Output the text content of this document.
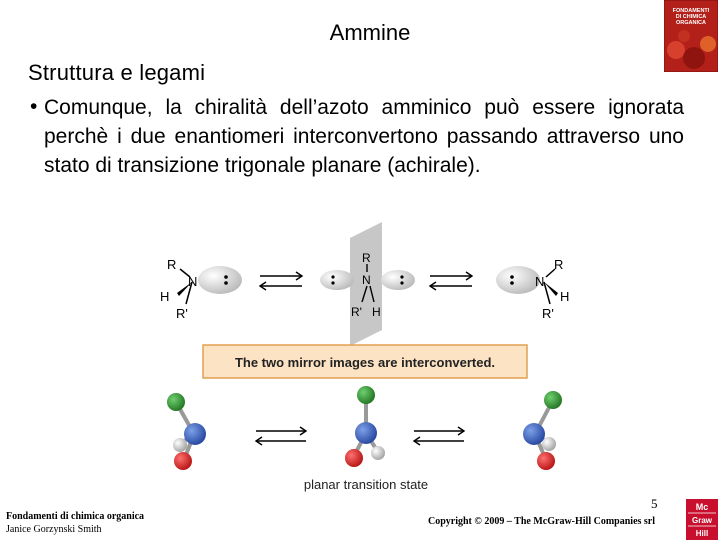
Ammine
Struttura e legami
• Comunque, la chiralità dell’azoto amminico può essere ignorata perchè i due enantiomeri interconvertono passando attraverso uno stato di transizione trigonale planare (achirale).
FONDAMENTI
DI CHIMICA
ORGANICA
R
N
H
R'
R
N
R' H
R
N
H
R'
The two mirror images are interconverted.
planar transition state
Fondamenti di chimica organica
Janice Gorzynski Smith
5
Copyright © 2009 – The McGraw-Hill Companies srl
Mc
Graw
Hill
